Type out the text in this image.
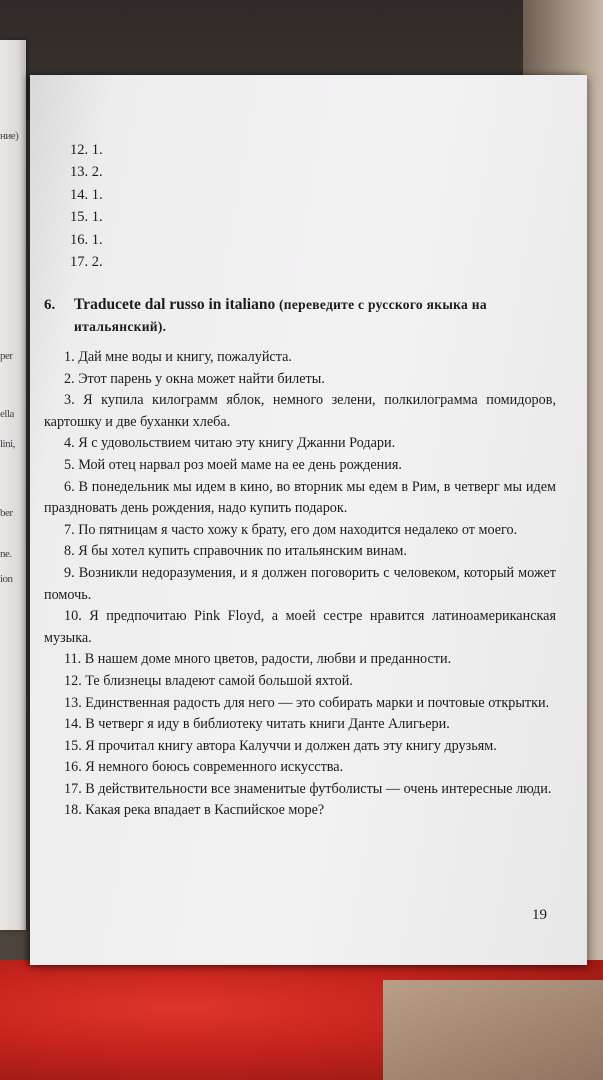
ниe)
per
ella
lini,
ber
ne.
ion
12. 1.
13. 2.
14. 1.
15. 1.
16. 1.
17. 2.
6. Traducete dal russo in italiano (переведите с русского якыка на итальянский).

1. Дай мне воды и книгу, пожалуйста.

2. Этот парень у окна может найти билеты.

3. Я купила килограмм яблок, немного зелени, полкилограмма помидоров, картошку и две буханки хлеба.

4. Я с удовольствием читаю эту книгу Джанни Родари.

5. Мой отец нарвал роз моей маме на ее день рождения.

6. В понедельник мы идем в кино, во вторник мы едем в Рим, в четверг мы идем праздновать день рождения, надо купить подарок.

7. По пятницам я часто хожу к брату, его дом находится недалеко от моего.

8. Я бы хотел купить справочник по итальянским винам.

9. Возникли недоразумения, и я должен поговорить с человеком, который может помочь.

10. Я предпочитаю Pink Floyd, а моей сестре нравится латиноамериканская музыка.

11. В нашем доме много цветов, радости, любви и преданности.

12. Те близнецы владеют самой большой яхтой.

13. Единственная радость для него — это собирать марки и почтовые открытки.

14. В четверг я иду в библиотеку читать книги Данте Алигьери.

15. Я прочитал книгу автора Калуччи и должен дать эту книгу друзьям.

16. Я немного боюсь современного искусства.

17. В действительности все знаменитые футболисты — очень интересные люди.

18. Какая река впадает в Каспийское море?

19
